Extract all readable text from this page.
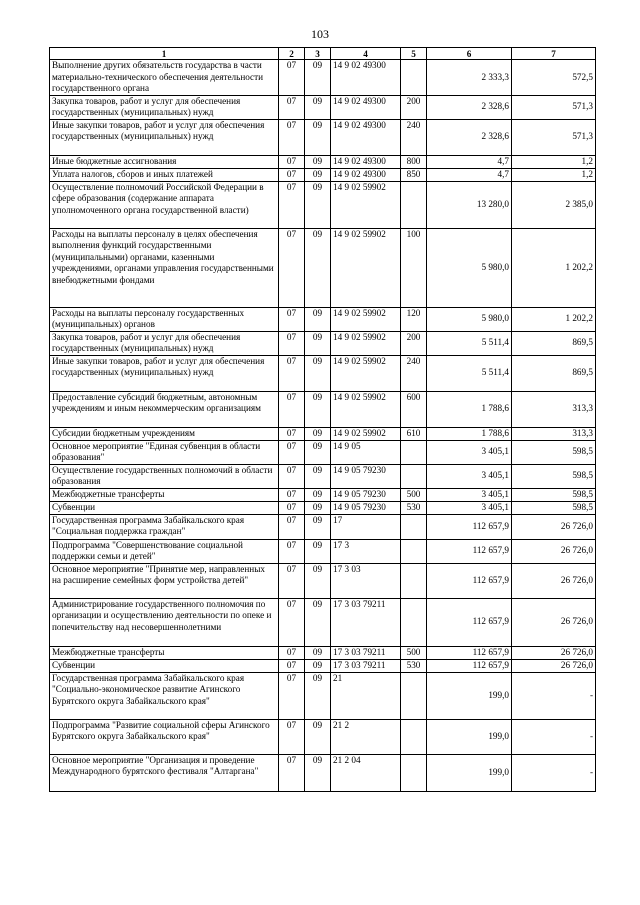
103
1	2	3	4	5	6	7
Выполнение других обязательств государства в части материально-технического обеспечения деятельности государственного органа	07	09	14 9 02 49300		2 333,3	572,5
Закупка товаров, работ и услуг для обеспечения государственных (муниципальных) нужд	07	09	14 9 02 49300	200	2 328,6	571,3
Иные закупки товаров, работ и услуг для обеспечения государственных (муниципальных) нужд	07	09	14 9 02 49300	240	2 328,6	571,3
Иные бюджетные ассигнования	07	09	14 9 02 49300	800	4,7	1,2
Уплата налогов, сборов и иных платежей	07	09	14 9 02 49300	850	4,7	1,2
Осуществление полномочий Российской Федерации в сфере образования (содержание аппарата уполномоченного органа государственной власти)	07	09	14 9 02 59902		13 280,0	2 385,0
Расходы на выплаты персоналу в целях обеспечения выполнения функций государственными (муниципальными) органами, казенными учреждениями, органами управления государственными внебюджетными фондами	07	09	14 9 02 59902	100	5 980,0	1 202,2
Расходы на выплаты персоналу государственных (муниципальных) органов	07	09	14 9 02 59902	120	5 980,0	1 202,2
Закупка товаров, работ и услуг для обеспечения государственных (муниципальных) нужд	07	09	14 9 02 59902	200	5 511,4	869,5
Иные закупки товаров, работ и услуг для обеспечения государственных (муниципальных) нужд	07	09	14 9 02 59902	240	5 511,4	869,5
Предоставление субсидий бюджетным, автономным учреждениям и иным некоммерческим организациям	07	09	14 9 02 59902	600	1 788,6	313,3
Субсидии бюджетным учреждениям	07	09	14 9 02 59902	610	1 788,6	313,3
Основное мероприятие "Единая субвенция в области образования"	07	09	14 9 05		3 405,1	598,5
Осуществление государственных полномочий в области образования	07	09	14 9 05 79230		3 405,1	598,5
Межбюджетные трансферты	07	09	14 9 05 79230	500	3 405,1	598,5
Субвенции	07	09	14 9 05 79230	530	3 405,1	598,5
Государственная программа Забайкальского края "Социальная поддержка граждан"	07	09	17		112 657,9	26 726,0
Подпрограмма "Совершенствование социальной поддержки семьи и детей"	07	09	17 3		112 657,9	26 726,0
Основное мероприятие "Принятие мер, направленных на расширение семейных форм устройства детей"	07	09	17 3 03		112 657,9	26 726,0
Администрирование государственного полномочия по организации и осуществлению деятельности по опеке и попечительству над несовершеннолетними	07	09	17 3 03 79211		112 657,9	26 726,0
Межбюджетные трансферты	07	09	17 3 03 79211	500	112 657,9	26 726,0
Субвенции	07	09	17 3 03 79211	530	112 657,9	26 726,0
Государственная программа Забайкальского края "Социально-экономическое развитие Агинского Бурятского округа Забайкальского края"	07	09	21		199,0	-
Подпрограмма "Развитие социальной сферы Агинского Бурятского округа Забайкальского края"	07	09	21 2		199,0	-
Основное мероприятие "Организация и проведение Международного бурятского фестиваля "Алтаргана"	07	09	21 2 04		199,0	-
